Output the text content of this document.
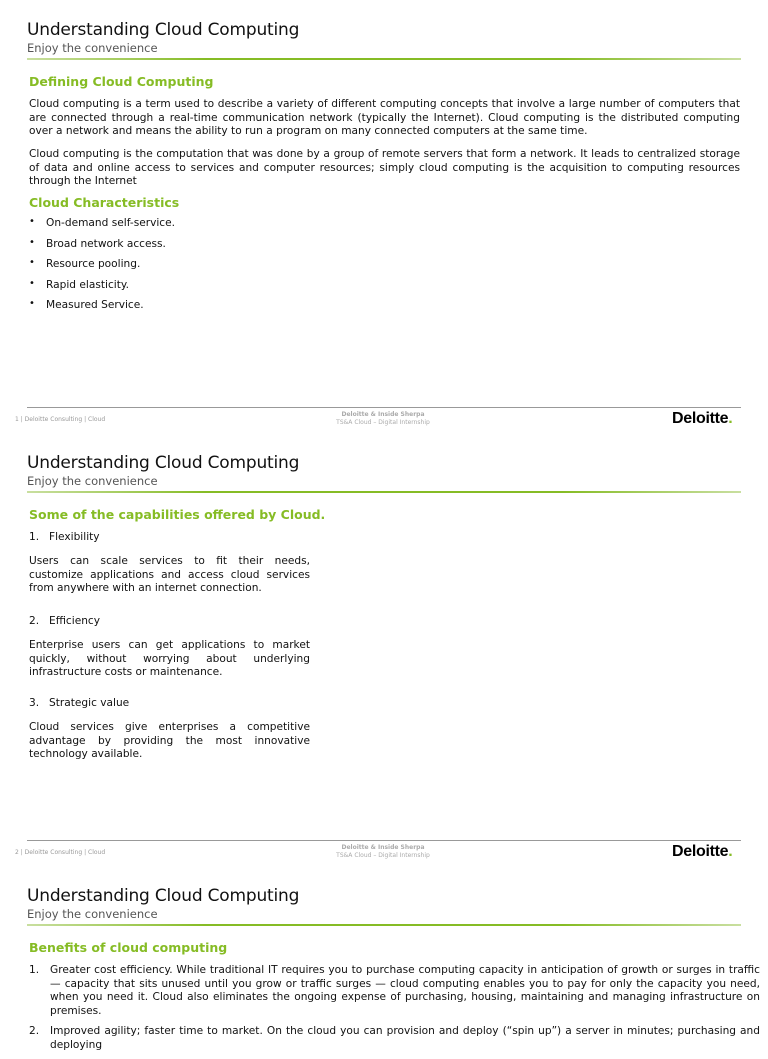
Understanding Cloud Computing
Enjoy the convenience
Defining Cloud Computing
Cloud computing is a term used to describe a variety of different computing concepts that involve a large number of computers that are connected through a real-time communication network (typically the Internet). Cloud computing is the distributed computing over a network and means the ability to run a program on many connected computers at the same time.
Cloud computing is the computation that was done by a group of remote servers that form a network. It leads to centralized storage of data and online access to services and computer resources; simply cloud computing is the acquisition to computing resources through the Internet
Cloud Characteristics
• On-demand self-service.
• Broad network access.
• Resource pooling.
• Rapid elasticity.
• Measured Service.
1 | Deloitte Consulting | Cloud
Deloitte & Inside Sherpa
TS&A Cloud – Digital Internship	Deloitte.
Understanding Cloud Computing
Enjoy the convenience
Some of the capabilities offered by Cloud.
1. Flexibility
Users can scale services to fit their needs, customize applications and access cloud services from anywhere with an internet connection.
2. Efficiency
Enterprise users can get applications to market quickly, without worrying about underlying infrastructure costs or maintenance.
3. Strategic value
Cloud services give enterprises a competitive advantage by providing the most innovative technology available.
2 | Deloitte Consulting | Cloud
Deloitte & Inside Sherpa
TS&A Cloud – Digital Internship	Deloitte.
Understanding Cloud Computing
Enjoy the convenience
Benefits of cloud computing
1. Greater cost efficiency. While traditional IT requires you to purchase computing capacity in anticipation of growth or surges in traffic — capacity that sits unused until you grow or traffic surges — cloud computing enables you to pay for only the capacity you need, when you need it. Cloud also eliminates the ongoing expense of purchasing, housing, maintaining and managing infrastructure on premises.
2. Improved agility; faster time to market. On the cloud you can provision and deploy (“spin up”) a server in minutes; purchasing and deploying
